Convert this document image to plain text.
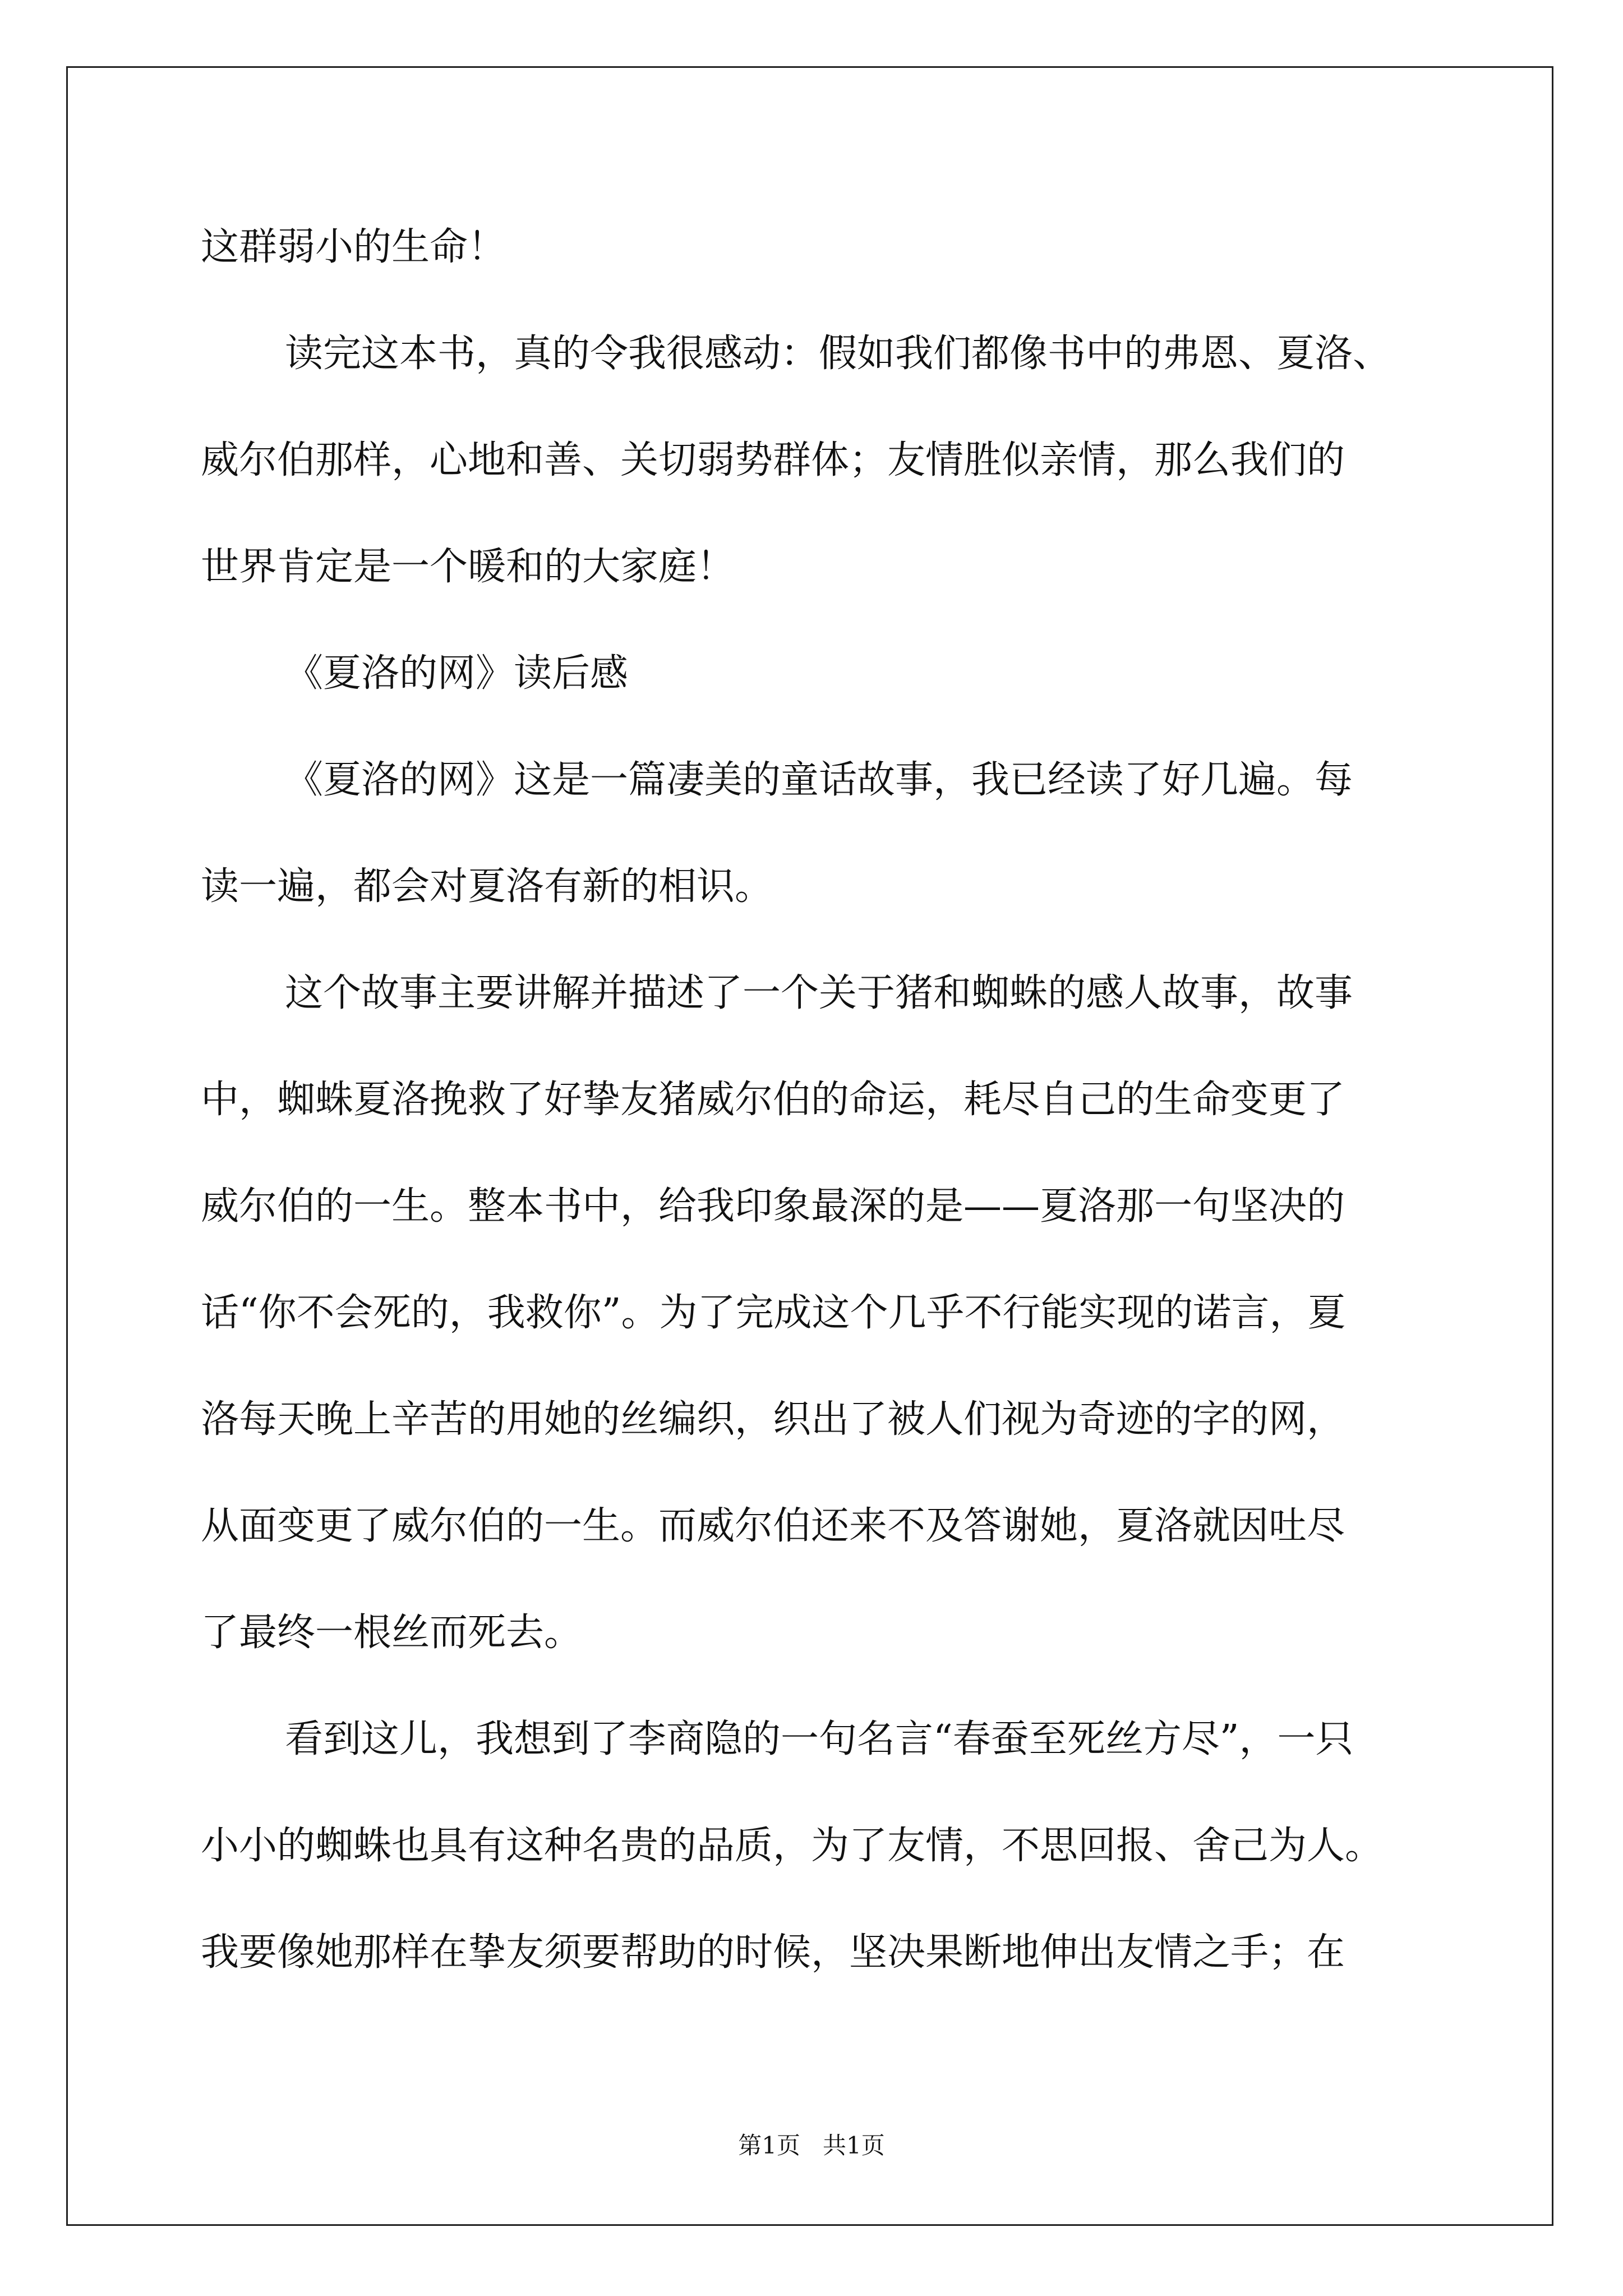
这群弱小的生命！
读完这本书，真的令我很感动：假如我们都像书中的弗恩、夏洛、
威尔伯那样，心地和善、关切弱势群体；友情胜似亲情，那么我们的
世界肯定是一个暖和的大家庭！
《夏洛的网》读后感
《夏洛的网》这是一篇凄美的童话故事，我已经读了好几遍。每
读一遍，都会对夏洛有新的相识。
这个故事主要讲解并描述了一个关于猪和蜘蛛的感人故事，故事
中，蜘蛛夏洛挽救了好挚友猪威尔伯的命运，耗尽自己的生命变更了
威尔伯的一生。整本书中，给我印象最深的是——夏洛那一句坚决的
话“你不会死的，我救你”。为了完成这个几乎不行能实现的诺言，夏
洛每天晚上辛苦的用她的丝编织，织出了被人们视为奇迹的字的网，
从面变更了威尔伯的一生。而威尔伯还来不及答谢她，夏洛就因吐尽
了最终一根丝而死去。
看到这儿，我想到了李商隐的一句名言“春蚕至死丝方尽”，一只
小小的蜘蛛也具有这种名贵的品质，为了友情，不思回报、舍己为人。
我要像她那样在挚友须要帮助的时候，坚决果断地伸出友情之手；在
第1页   共1页
